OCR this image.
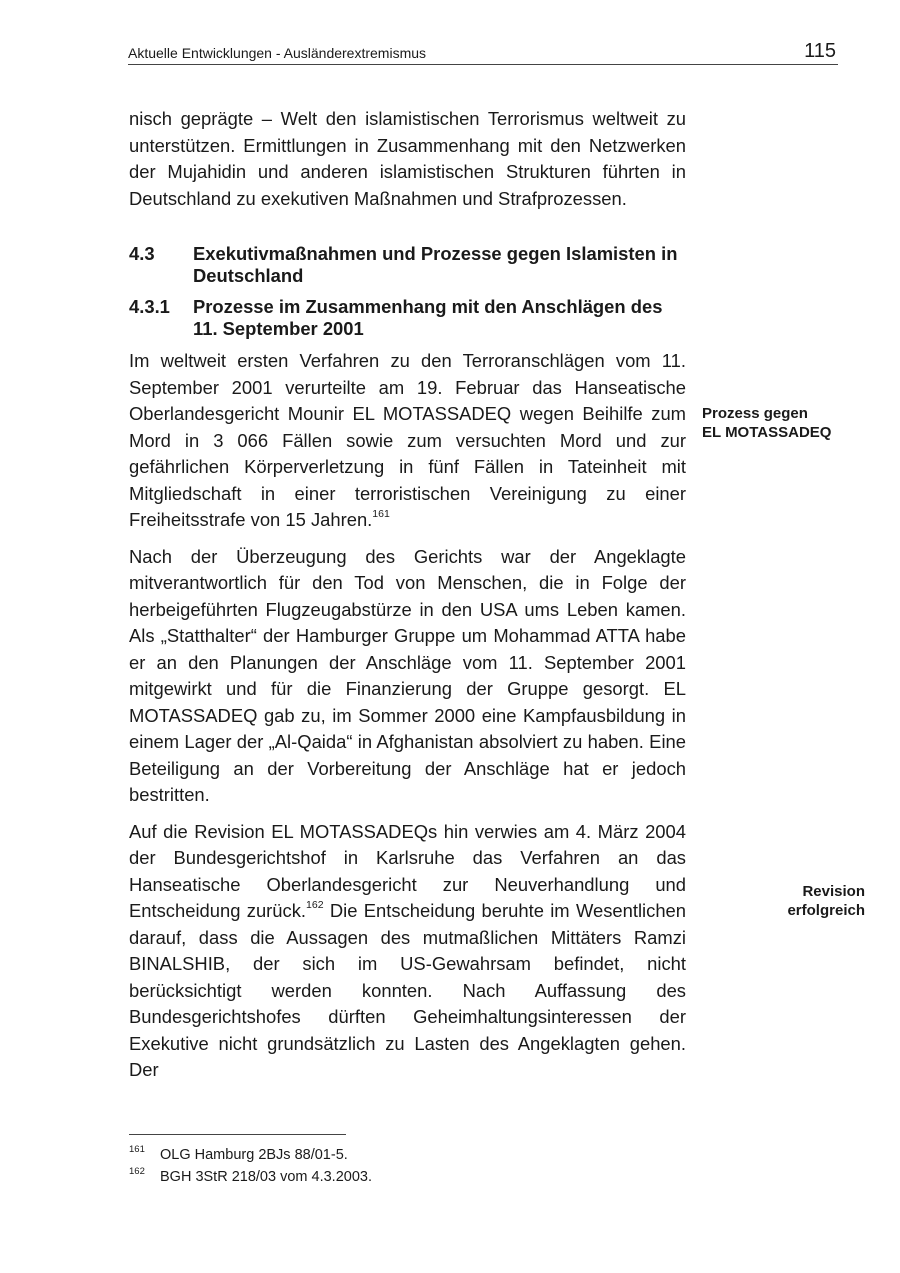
Aktuelle Entwicklungen - Ausländerextremismus	115

nisch geprägte – Welt den islamistischen Terrorismus weltweit zu unterstützen. Ermittlungen in Zusammenhang mit den Netzwerken der Mujahidin und anderen islamistischen Strukturen führten in Deutschland zu exekutiven Maßnahmen und Strafprozessen.

4.3	Exekutivmaßnahmen und Prozesse gegen Islamisten in Deutschland
4.3.1	Prozesse im Zusammenhang mit den Anschlägen des 11. September 2001

Im weltweit ersten Verfahren zu den Terroranschlägen vom 11. September 2001 verurteilte am 19. Februar das Hanseatische Oberlandesgericht Mounir EL MOTASSADEQ wegen Beihilfe zum Mord in 3 066 Fällen sowie zum versuchten Mord und zur gefährlichen Körperverletzung in fünf Fällen in Tateinheit mit Mitgliedschaft in einer terroristischen Vereinigung zu einer Freiheitsstrafe von 15 Jahren.$^{161}$

Nach der Überzeugung des Gerichts war der Angeklagte mitverantwortlich für den Tod von Menschen, die in Folge der herbeigeführten Flugzeugabstürze in den USA ums Leben kamen. Als „Statthalter“ der Hamburger Gruppe um Mohammad ATTA habe er an den Planungen der Anschläge vom 11. September 2001 mitgewirkt und für die Finanzierung der Gruppe gesorgt. EL MOTASSADEQ gab zu, im Sommer 2000 eine Kampfausbildung in einem Lager der „Al-Qaida“ in Afghanistan absolviert zu haben. Eine Beteiligung an der Vorbereitung der Anschläge hat er jedoch bestritten.

Auf die Revision EL MOTASSADEQs hin verwies am 4. März 2004 der Bundesgerichtshof in Karlsruhe das Verfahren an das Hanseatische Oberlandesgericht zur Neuverhandlung und Entscheidung zurück.$^{162}$ Die Entscheidung beruhte im Wesentlichen darauf, dass die Aussagen des mutmaßlichen Mittäters Ramzi BINALSHIB, der sich im US-Gewahrsam befindet, nicht berücksichtigt werden konnten. Nach Auffassung des Bundesgerichtshofes dürften Geheimhaltungsinteressen der Exekutive nicht grundsätzlich zu Lasten des Angeklagten gehen. Der

Prozess gegen
EL MOTASSADEQ
Revision
erfolgreich
161	OLG Hamburg 2BJs 88/01-5.
162	BGH 3StR 218/03 vom 4.3.2003.
